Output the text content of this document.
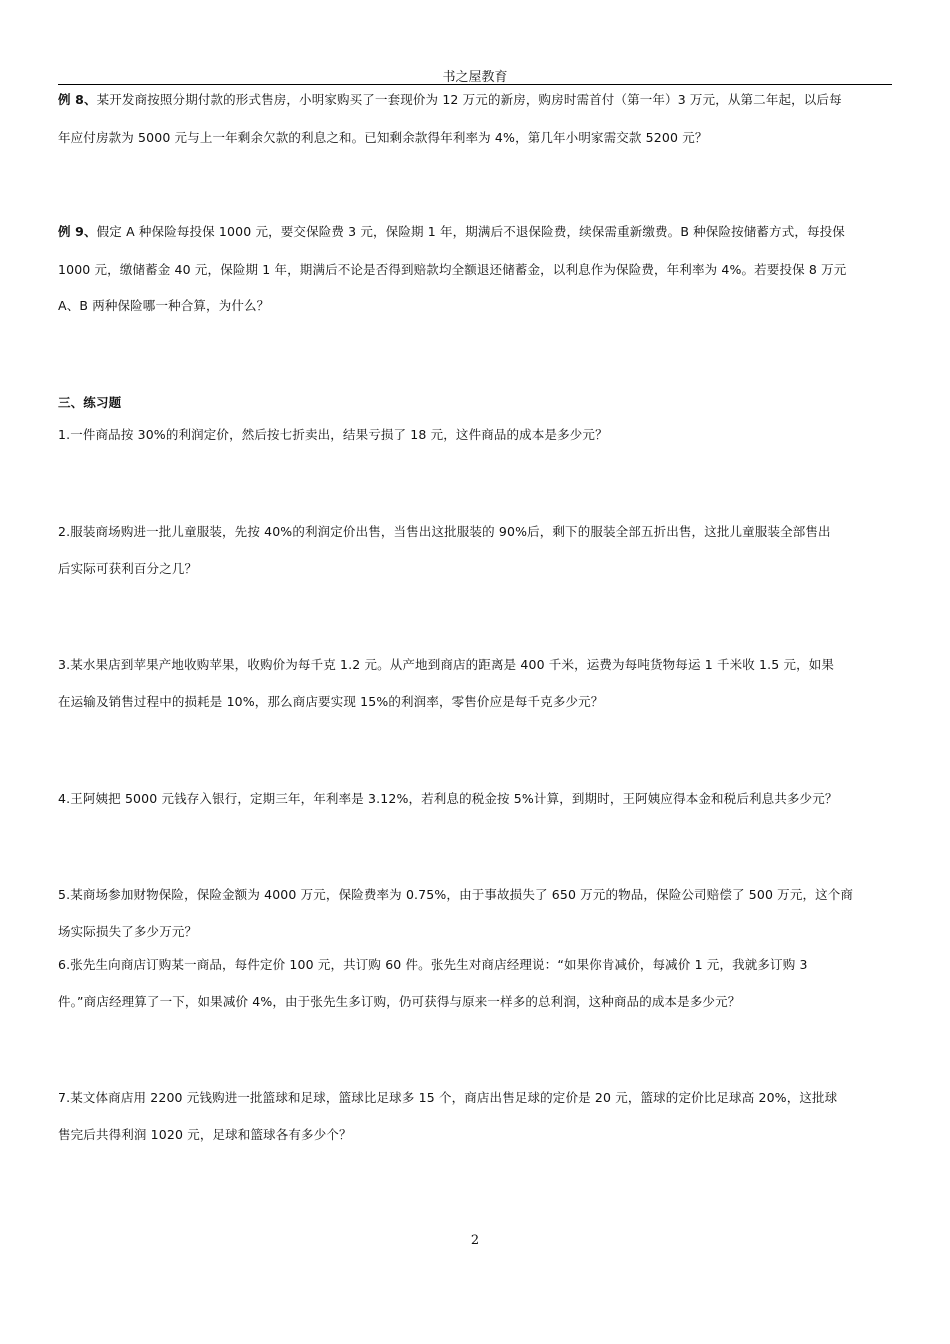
书之屋教育
例 8、某开发商按照分期付款的形式售房，小明家购买了一套现价为 12 万元的新房，购房时需首付（第一年）3 万元，从第二年起，以后每
年应付房款为 5000 元与上一年剩余欠款的利息之和。已知剩余款得年利率为 4%，第几年小明家需交款 5200 元？
例 9、假定 A 种保险每投保 1000 元，要交保险费 3 元，保险期 1 年，期满后不退保险费，续保需重新缴费。B 种保险按储蓄方式，每投保
1000 元，缴储蓄金 40 元，保险期 1 年，期满后不论是否得到赔款均全额退还储蓄金，以利息作为保险费，年利率为 4%。若要投保 8 万元
A、B 两种保险哪一种合算，为什么？
三、练习题
1.一件商品按 30%的利润定价，然后按七折卖出，结果亏损了 18 元，这件商品的成本是多少元？
2.服装商场购进一批儿童服装，先按 40%的利润定价出售，当售出这批服装的 90%后，剩下的服装全部五折出售，这批儿童服装全部售出
后实际可获利百分之几？
3.某水果店到苹果产地收购苹果，收购价为每千克 1.2 元。从产地到商店的距离是 400 千米，运费为每吨货物每运 1 千米收 1.5 元，如果
在运输及销售过程中的损耗是 10%，那么商店要实现 15%的利润率，零售价应是每千克多少元？
4.王阿姨把 5000 元钱存入银行，定期三年，年利率是 3.12%，若利息的税金按 5%计算，到期时，王阿姨应得本金和税后利息共多少元？
5.某商场参加财物保险，保险金额为 4000 万元，保险费率为 0.75%，由于事故损失了 650 万元的物品，保险公司赔偿了 500 万元，这个商
场实际损失了多少万元？
6.张先生向商店订购某一商品，每件定价 100 元，共订购 60 件。张先生对商店经理说：“如果你肯减价，每减价 1 元，我就多订购 3
件。”商店经理算了一下，如果减价 4%，由于张先生多订购，仍可获得与原来一样多的总利润，这种商品的成本是多少元？
7.某文体商店用 2200 元钱购进一批篮球和足球，篮球比足球多 15 个，商店出售足球的定价是 20 元，篮球的定价比足球高 20%，这批球
售完后共得利润 1020 元，足球和篮球各有多少个？
2
